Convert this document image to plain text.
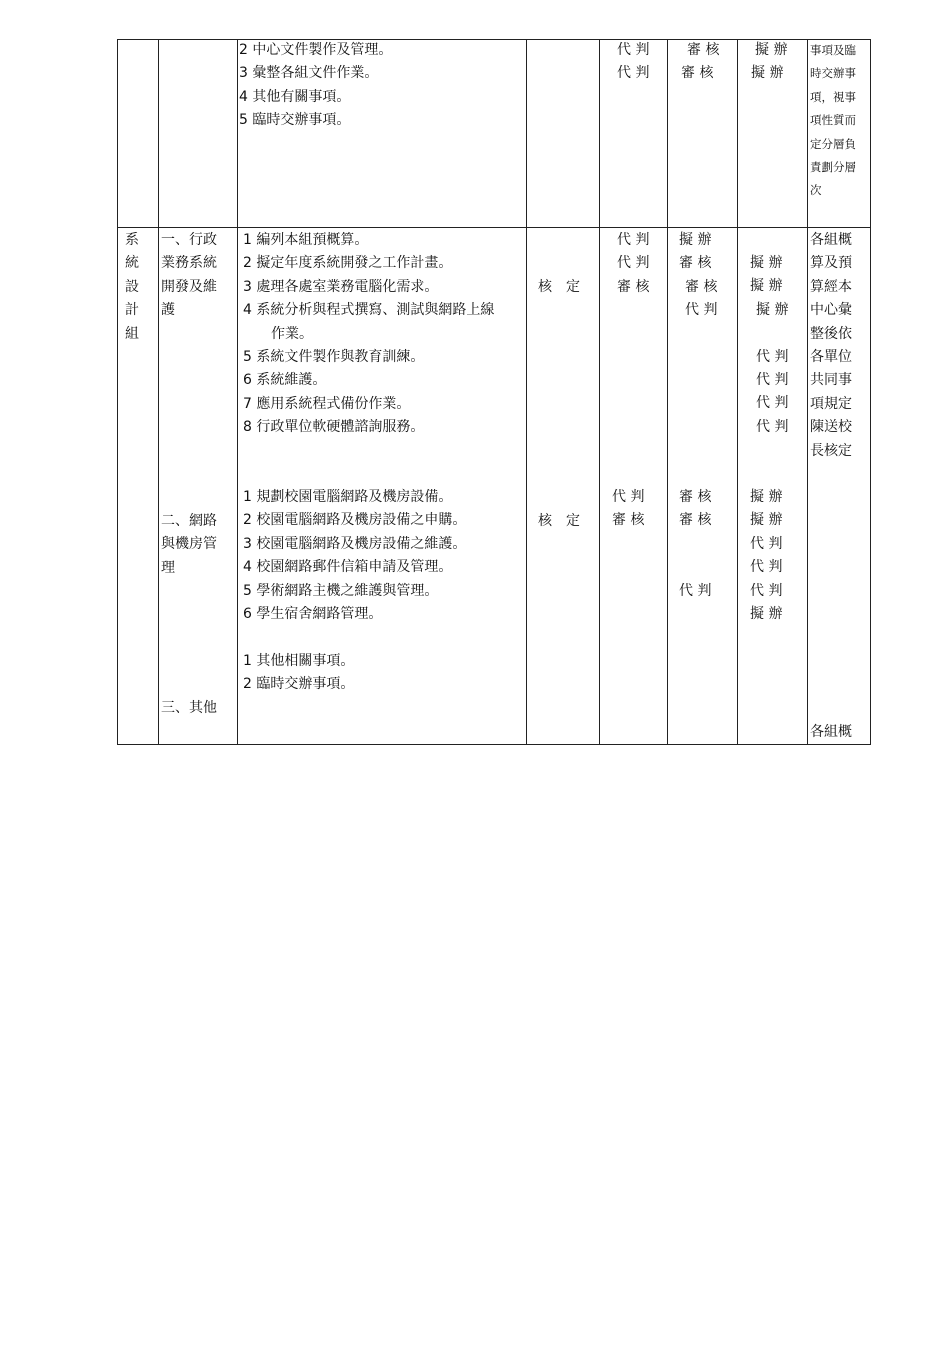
2 中心文件製作及管理。
3 彙整各組文件作業。
4 其他有關事項。
5 臨時交辦事項。
代 判
代 判
審 核
審 核
擬 辦
擬 辦
事項及臨
時交辦事
項，視事
項性質而
定分層負
責劃分層
次
系
統
設
計
組
一、行政
業務系統
開發及維
護
1 編列本組預概算。
2 擬定年度系統開發之工作計畫。
3 處理各處室業務電腦化需求。
4 系統分析與程式撰寫、測試與網路上線
作業。
5 系統文件製作與教育訓練。
6 系統維護。
7 應用系統程式備份作業。
8 行政單位軟硬體諮詢服務。
核　定
代 判
代 判
審 核
擬 辦
審 核
審 核
代 判
擬 辦
擬 辦
擬 辦
代 判
代 判
代 判
代 判
各組概
算及預
算經本
中心彙
整後依
各單位
共同事
項規定
陳送校
長核定
二、網路
與機房管
理
1 規劃校園電腦網路及機房設備。
2 校園電腦網路及機房設備之申購。
3 校園電腦網路及機房設備之維護。
4 校園網路郵件信箱申請及管理。
5 學術網路主機之維護與管理。
6 學生宿舍網路管理。
核　定
代 判
審 核
審 核
審 核
代 判
擬 辦
擬 辦
代 判
代 判
代 判
擬 辦
三、其他
1 其他相關事項。
2 臨時交辦事項。
各組概
